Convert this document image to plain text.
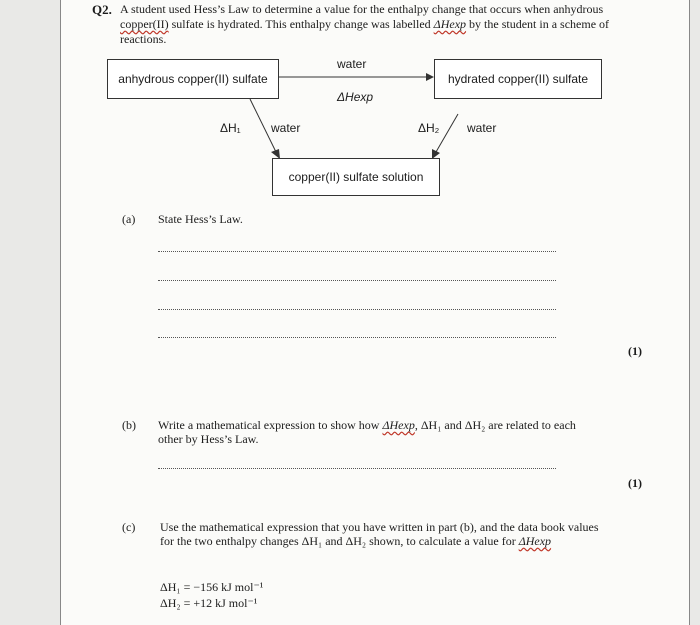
Q2. A student used Hess’s Law to determine a value for the enthalpy change that occurs when anhydrous copper(II) sulfate is hydrated. This enthalpy change was labelled ΔHexp by the student in a scheme of reactions.
anhydrous copper(II) sulfate	hydrated copper(II) sulfate
copper(II) sulfate solution
water
ΔHexp
ΔH₁	water	ΔH₂ water
(a) State Hess’s Law.
(1)
(b) Write a mathematical expression to show how ΔHexp, ΔH₁ and ΔH₂ are related to each other by Hess’s Law.
(1)
(c) Use the mathematical expression that you have written in part (b), and the data book values for the two enthalpy changes ΔH₁ and ΔH₂ shown, to calculate a value for ΔHexp
ΔH₁ = −156 kJ mol⁻¹
ΔH₂ = +12 kJ mol⁻¹
